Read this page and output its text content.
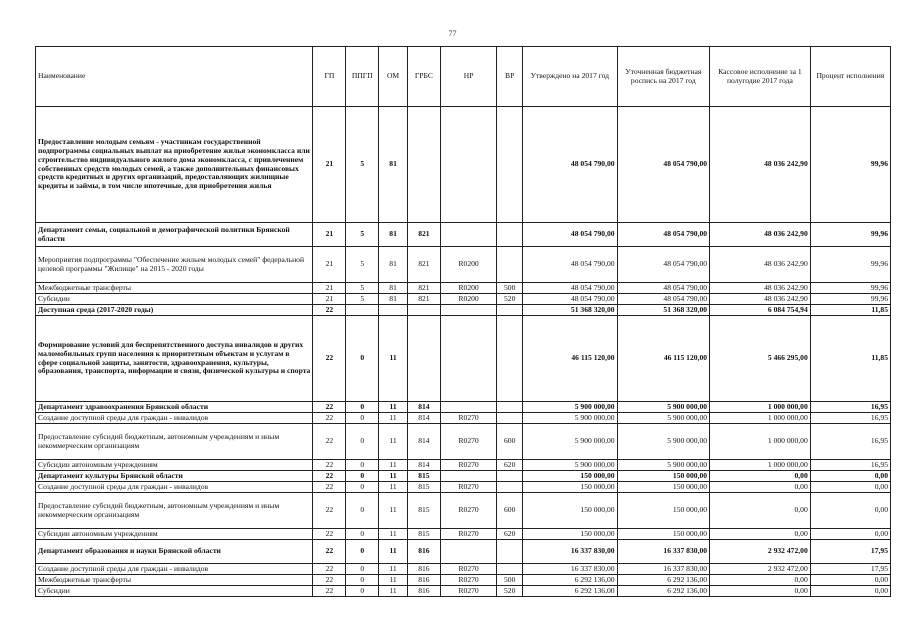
77
Наименование	ГП	ППГП	ОМ	ГРБС	НР	ВР	Утверждено на 2017 год	Уточненная бюджетная роспись на 2017 год	Кассовое исполнение за 1 полугодие 2017 года	Процент исполнения
Предоставление молодым семьям - участникам государственной подпрограммы социальных выплат на приобретение жилья экономкласса или строительство индивидуального жилого дома экономкласса, с привлечением собственных средств молодых семей, а также дополнительных финансовых средств кредитных и других организаций, предоставляющих жилищные кредиты и займы, в том числе ипотечные, для приобретения жилья	21	5	81				48 054 790,00	48 054 790,00	48 036 242,90	99,96
Департамент семьи, социальной и демографической политики Брянской области	21	5	81	821			48 054 790,00	48 054 790,00	48 036 242,90	99,96
Мероприятия подпрограммы "Обеспечение жильем молодых семей" федеральной целевой программы "Жилище" на 2015 - 2020 годы	21	5	81	821	R0200		48 054 790,00	48 054 790,00	48 036 242,90	99,96
Межбюджетные трансферты	21	5	81	821	R0200	500	48 054 790,00	48 054 790,00	48 036 242,90	99,96
Субсидии	21	5	81	821	R0200	520	48 054 790,00	48 054 790,00	48 036 242,90	99,96
Доступная среда (2017-2020 годы)	22						51 368 320,00	51 368 320,00	6 084 754,94	11,85
Формирование условий для беспрепятственного доступа инвалидов и других маломобильных групп населения к приоритетным объектам и услугам в сфере социальной защиты, занятости, здравоохранения, культуры, образования, транспорта, информации и связи, физической культуры и спорта	22	0	11				46 115 120,00	46 115 120,00	5 466 295,00	11,85
Департамент здравоохранения Брянской области	22	0	11	814			5 900 000,00	5 900 000,00	1 000 000,00	16,95
Создание доступной среды для граждан - инвалидов	22	0	11	814	R0270		5 900 000,00	5 900 000,00	1 000 000,00	16,95
Предоставление субсидий бюджетным, автономным учреждениям и иным некоммерческим организациям	22	0	11	814	R0270	600	5 900 000,00	5 900 000,00	1 000 000,00	16,95
Субсидии автономным учреждениям	22	0	11	814	R0270	620	5 900 000,00	5 900 000,00	1 000 000,00	16,95
Департамент культуры Брянской области	22	0	11	815			150 000,00	150 000,00	0,00	0,00
Создание доступной среды для граждан - инвалидов	22	0	11	815	R0270		150 000,00	150 000,00	0,00	0,00
Предоставление субсидий бюджетным, автономным учреждениям и иным некоммерческим организациям	22	0	11	815	R0270	600	150 000,00	150 000,00	0,00	0,00
Субсидии автономным учреждениям	22	0	11	815	R0270	620	150 000,00	150 000,00	0,00	0,00
Департамент образования и науки Брянской области	22	0	11	816			16 337 830,00	16 337 830,00	2 932 472,00	17,95
Создание доступной среды для граждан - инвалидов	22	0	11	816	R0270		16 337 830,00	16 337 830,00	2 932 472,00	17,95
Межбюджетные трансферты	22	0	11	816	R0270	500	6 292 136,00	6 292 136,00	0,00	0,00
Субсидии	22	0	11	816	R0270	520	6 292 136,00	6 292 136,00	0,00	0,00
